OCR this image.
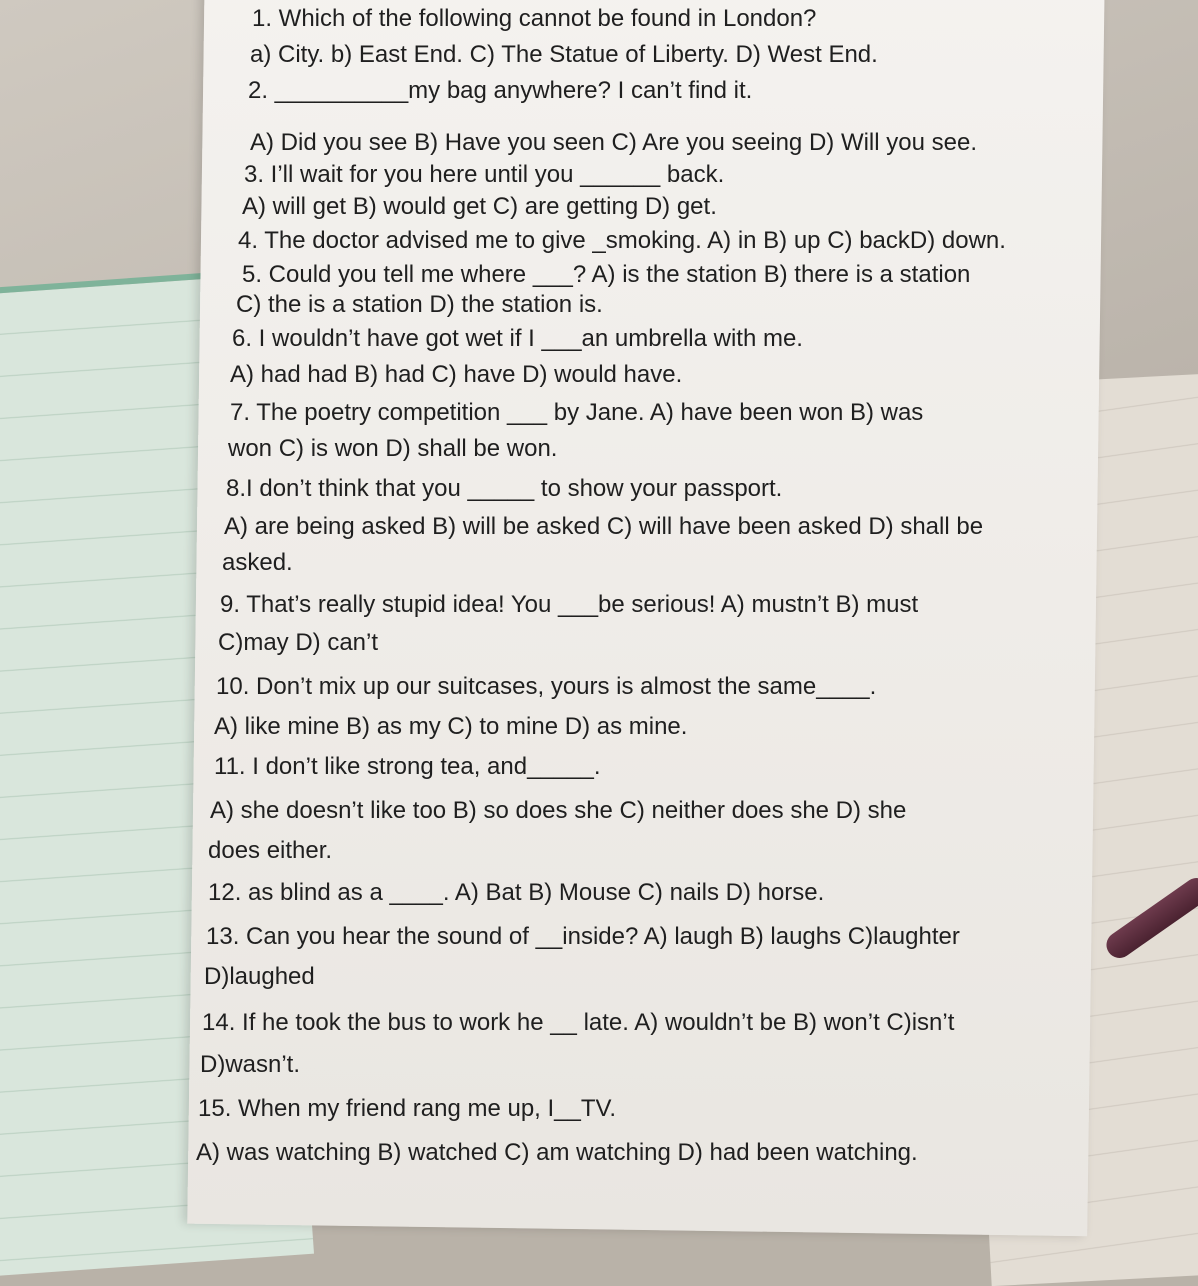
1. Which of the following cannot be found in London?

a) City. b) East End. C) The Statue of Liberty. D) West End.

2. __________my bag anywhere? I can’t find it.

A) Did you see B) Have you seen C) Are you seeing D) Will you see.

3. I’ll wait for you here until you ______ back.

A) will get B) would get C) are getting D) get.

4. The doctor advised me to give _smoking. A) in B) up C) backD) down.

5. Could you tell me where ___? A) is the station B) there is a station

C) the is a station D) the station is.

6. I wouldn’t have got wet if I ___an umbrella with me.

A) had had B) had C) have D) would have.

7. The poetry competition ___ by Jane. A) have been won B) was

won C) is won D) shall be won.

8.I don’t think that you _____ to show your passport.

A) are being asked B) will be asked C) will have been asked D) shall be

asked.

9. That’s really stupid idea! You ___be serious! A) mustn’t B) must

C)may D) can’t

10. Don’t mix up our suitcases, yours is almost the same____.

A) like mine B) as my C) to mine D) as mine.

11. I don’t like strong tea, and_____.

A) she doesn’t like too B) so does she C) neither does she D) she

does either.

12. as blind as a ____. A) Bat B) Mouse C) nails D) horse.

13. Can you hear the sound of __inside? A) laugh B) laughs C)laughter

D)laughed

14. If he took the bus to work he __ late. A) wouldn’t be B) won’t C)isn’t

D)wasn’t.

15. When my friend rang me up, I__TV.

A) was watching B) watched C) am watching D) had been watching.
